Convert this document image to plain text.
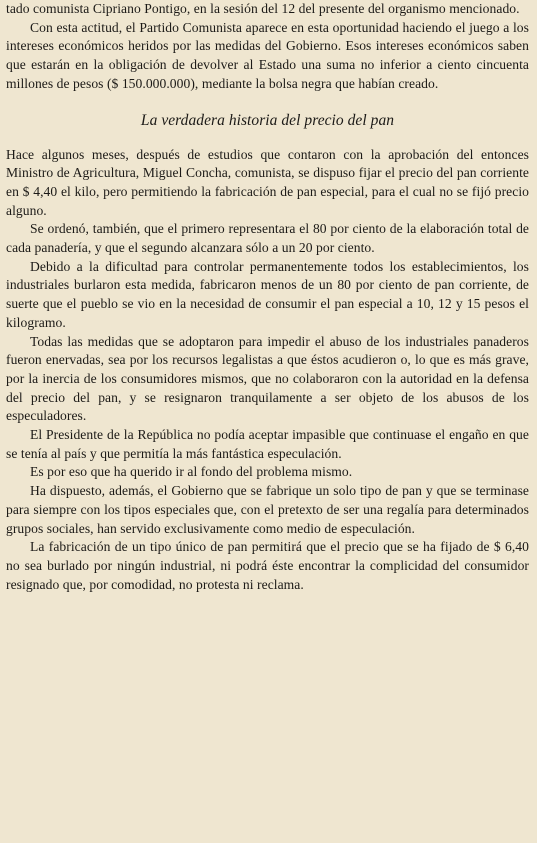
tado comunista Cipriano Pontigo, en la sesión del 12 del presente del organismo mencionado.

Con esta actitud, el Partido Comunista aparece en esta oportunidad haciendo el juego a los intereses económicos heridos por las medidas del Gobierno. Esos intereses económicos saben que estarán en la obligación de devolver al Estado una suma no inferior a ciento cincuenta millones de pesos ($ 150.000.000), mediante la bolsa negra que habían creado.

La verdadera historia del precio del pan

Hace algunos meses, después de estudios que contaron con la aprobación del entonces Ministro de Agricultura, Miguel Concha, comunista, se dispuso fijar el precio del pan corriente en $ 4,40 el kilo, pero permitiendo la fabricación de pan especial, para el cual no se fijó precio alguno.

Se ordenó, también, que el primero representara el 80 por ciento de la elaboración total de cada panadería, y que el segundo alcanzara sólo a un 20 por ciento.

Debido a la dificultad para controlar permanentemente todos los establecimientos, los industriales burlaron esta medida, fabricaron menos de un 80 por ciento de pan corriente, de suerte que el pueblo se vio en la necesidad de consumir el pan especial a 10, 12 y 15 pesos el kilogramo.

Todas las medidas que se adoptaron para impedir el abuso de los industriales panaderos fueron enervadas, sea por los recursos legalistas a que éstos acudieron o, lo que es más grave, por la inercia de los consumidores mismos, que no colaboraron con la autoridad en la defensa del precio del pan, y se resignaron tranquilamente a ser objeto de los abusos de los especuladores.

El Presidente de la República no podía aceptar impasible que continuase el engaño en que se tenía al país y que permitía la más fantástica especulación.

Es por eso que ha querido ir al fondo del problema mismo.

Ha dispuesto, además, el Gobierno que se fabrique un solo tipo de pan y que se terminase para siempre con los tipos especiales que, con el pretexto de ser una regalía para determinados grupos sociales, han servido exclusivamente como medio de especulación.

La fabricación de un tipo único de pan permitirá que el precio que se ha fijado de $ 6,40 no sea burlado por ningún industrial, ni podrá éste encontrar la complicidad del consumidor resignado que, por comodidad, no protesta ni reclama.
